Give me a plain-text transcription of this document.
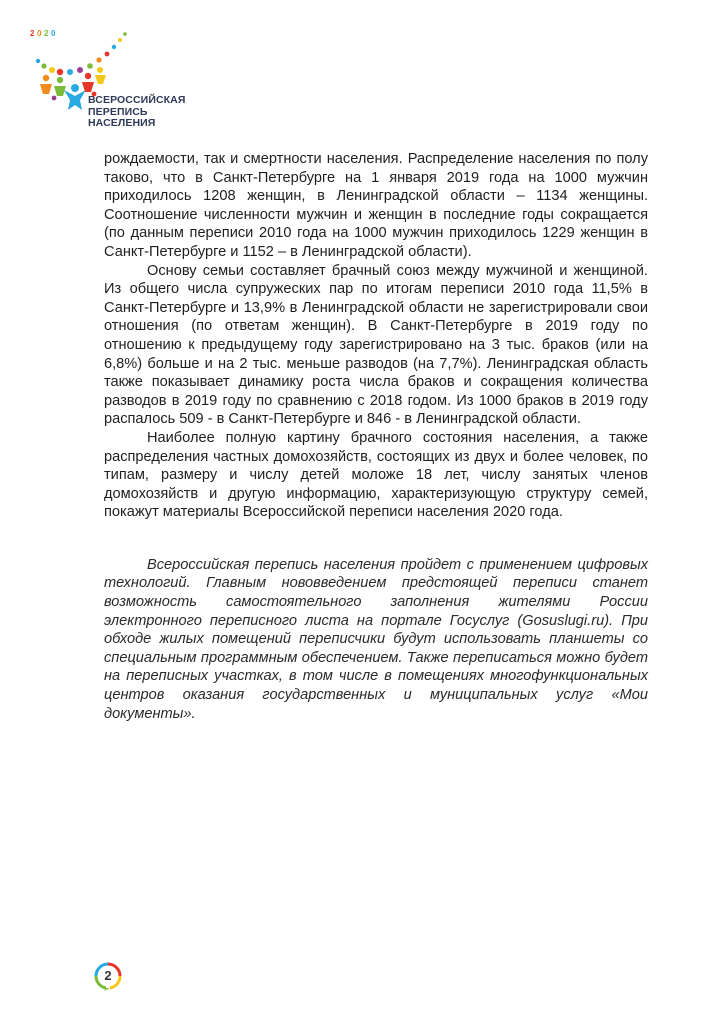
ВСЕРОССИЙСКАЯ
ПЕРЕПИСЬ
НАСЕЛЕНИЯ
2 0 2 0

рождаемости, так и смертности населения. Распределение населения по полу таково, что в Санкт-Петербурге на 1 января 2019 года на 1000 мужчин приходилось 1208 женщин, в Ленинградской области – 1134 женщины. Соотношение численности мужчин и женщин в последние годы сокращается (по данным переписи 2010 года на 1000 мужчин приходилось 1229 женщин в Санкт-Петербурге и 1152 – в Ленинградской области).

Основу семьи составляет брачный союз между мужчиной и женщиной. Из общего числа супружеских пар по итогам переписи 2010 года 11,5% в Санкт-Петербурге и 13,9% в Ленинградской области не зарегистрировали свои отношения (по ответам женщин). В Санкт-Петербурге в 2019 году по отношению к предыдущему году зарегистрировано на 3 тыс. браков (или на 6,8%) больше и на 2 тыс. меньше разводов (на 7,7%). Ленинградская область также показывает динамику роста числа браков и сокращения количества разводов в 2019 году по сравнению с 2018 годом. Из 1000 браков в 2019 году распалось 509 - в Санкт-Петербурге и 846 - в Ленинградской области.

Наиболее полную картину брачного состояния населения, а также распределения частных домохозяйств, состоящих из двух и более человек, по типам, размеру и числу детей моложе 18 лет, числу занятых членов домохозяйств и другую информацию, характеризующую структуру семей, покажут материалы Всероссийской переписи населения 2020 года.

Всероссийская перепись населения пройдет с применением цифровых технологий. Главным нововведением предстоящей переписи станет возможность самостоятельного заполнения жителями России электронного переписного листа на портале Госуслуг (Gosuslugi.ru). При обходе жилых помещений переписчики будут использовать планшеты со специальным программным обеспечением. Также переписаться можно будет на переписных участках, в том числе в помещениях многофункциональных центров оказания государственных и муниципальных услуг «Мои документы».

2
